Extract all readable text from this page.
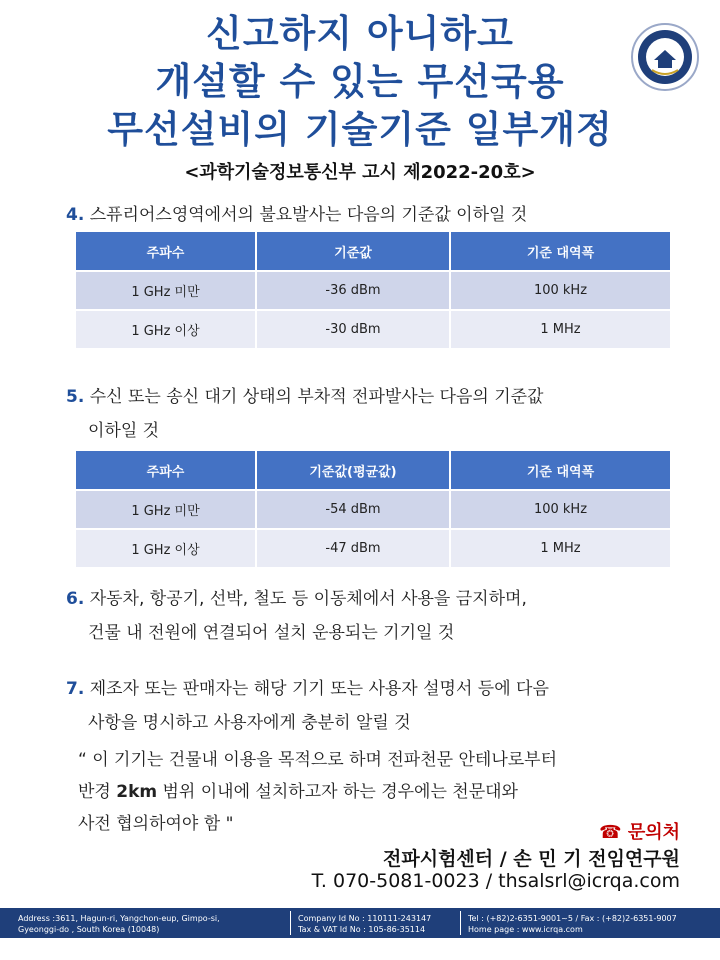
신고하지 아니하고
개설할 수 있는 무선국용
무선설비의 기술기준 일부개정
<과학기술정보통신부 고시 제2022-20호>
ICR
4. 스퓨리어스영역에서의 불요발사는 다음의 기준값 이하일 것
주파수	기준값	기준 대역폭
1 GHz 미만	-36 dBm	100 kHz
1 GHz 이상	-30 dBm	1 MHz
5. 수신 또는 송신 대기 상태의 부차적 전파발사는 다음의 기준값
이하일 것
주파수	기준값(평균값)	기준 대역폭
1 GHz 미만	-54 dBm	100 kHz
1 GHz 이상	-47 dBm	1 MHz
6. 자동차, 항공기, 선박, 철도 등 이동체에서 사용을 금지하며,
건물 내 전원에 연결되어 설치 운용되는 기기일 것
7. 제조자 또는 판매자는 해당 기기 또는 사용자 설명서 등에 다음
사항을 명시하고 사용자에게 충분히 알릴 것
“ 이 기기는 건물내 이용을 목적으로 하며 전파천문 안테나로부터
반경 2km 범위 이내에 설치하고자 하는 경우에는 천문대와
사전 협의하여야 함 "	☎ 문의처
전파시험센터 / 손 민 기 전임연구원
T. 070-5081-0023 / thsalsrl@icrqa.com
Address :3611, Hagun-ri, Yangchon-eup, Gimpo-si,
Gyeonggi-do , South Korea (10048)
Company Id No : 110111-243147
Tax & VAT Id No : 105-86-35114
Tel : (+82)2-6351-9001~5 / Fax : (+82)2-6351-9007
Home page : www.icrqa.com
